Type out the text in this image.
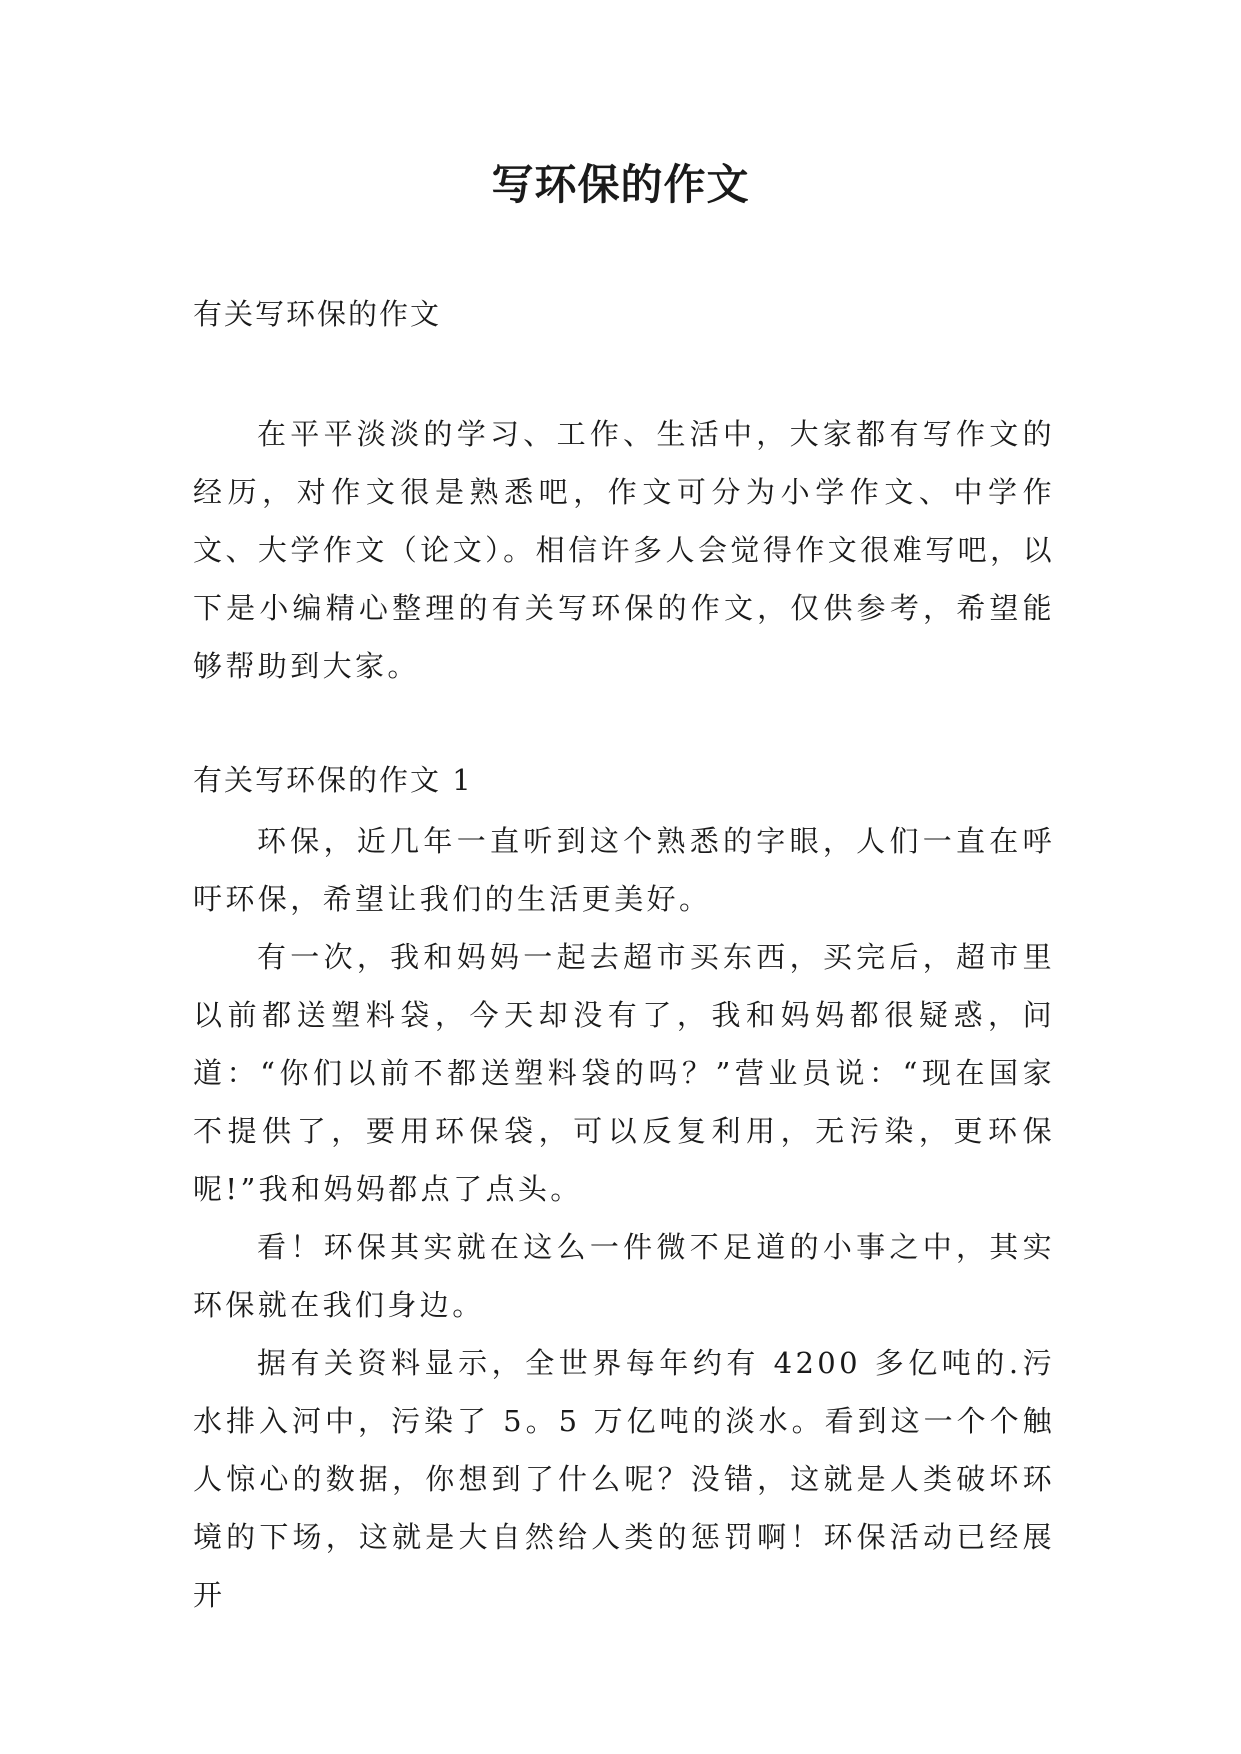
写环保的作文

有关写环保的作文

在平平淡淡的学习、工作、生活中，大家都有写作文的经历，对作文很是熟悉吧，作文可分为小学作文、中学作文、大学作文（论文）。相信许多人会觉得作文很难写吧，以下是小编精心整理的有关写环保的作文，仅供参考，希望能够帮助到大家。

有关写环保的作文 1

环保，近几年一直听到这个熟悉的字眼，人们一直在呼吁环保，希望让我们的生活更美好。

有一次，我和妈妈一起去超市买东西，买完后，超市里以前都送塑料袋，今天却没有了，我和妈妈都很疑惑，问道：“你们以前不都送塑料袋的吗？”营业员说：“现在国家不提供了，要用环保袋，可以反复利用，无污染，更环保呢!”我和妈妈都点了点头。

看！环保其实就在这么一件微不足道的小事之中，其实环保就在我们身边。

据有关资料显示，全世界每年约有 4200 多亿吨的.污水排入河中，污染了 5。5 万亿吨的淡水。看到这一个个触人惊心的数据，你想到了什么呢？没错，这就是人类破坏环境的下场，这就是大自然给人类的惩罚啊！环保活动已经展开
